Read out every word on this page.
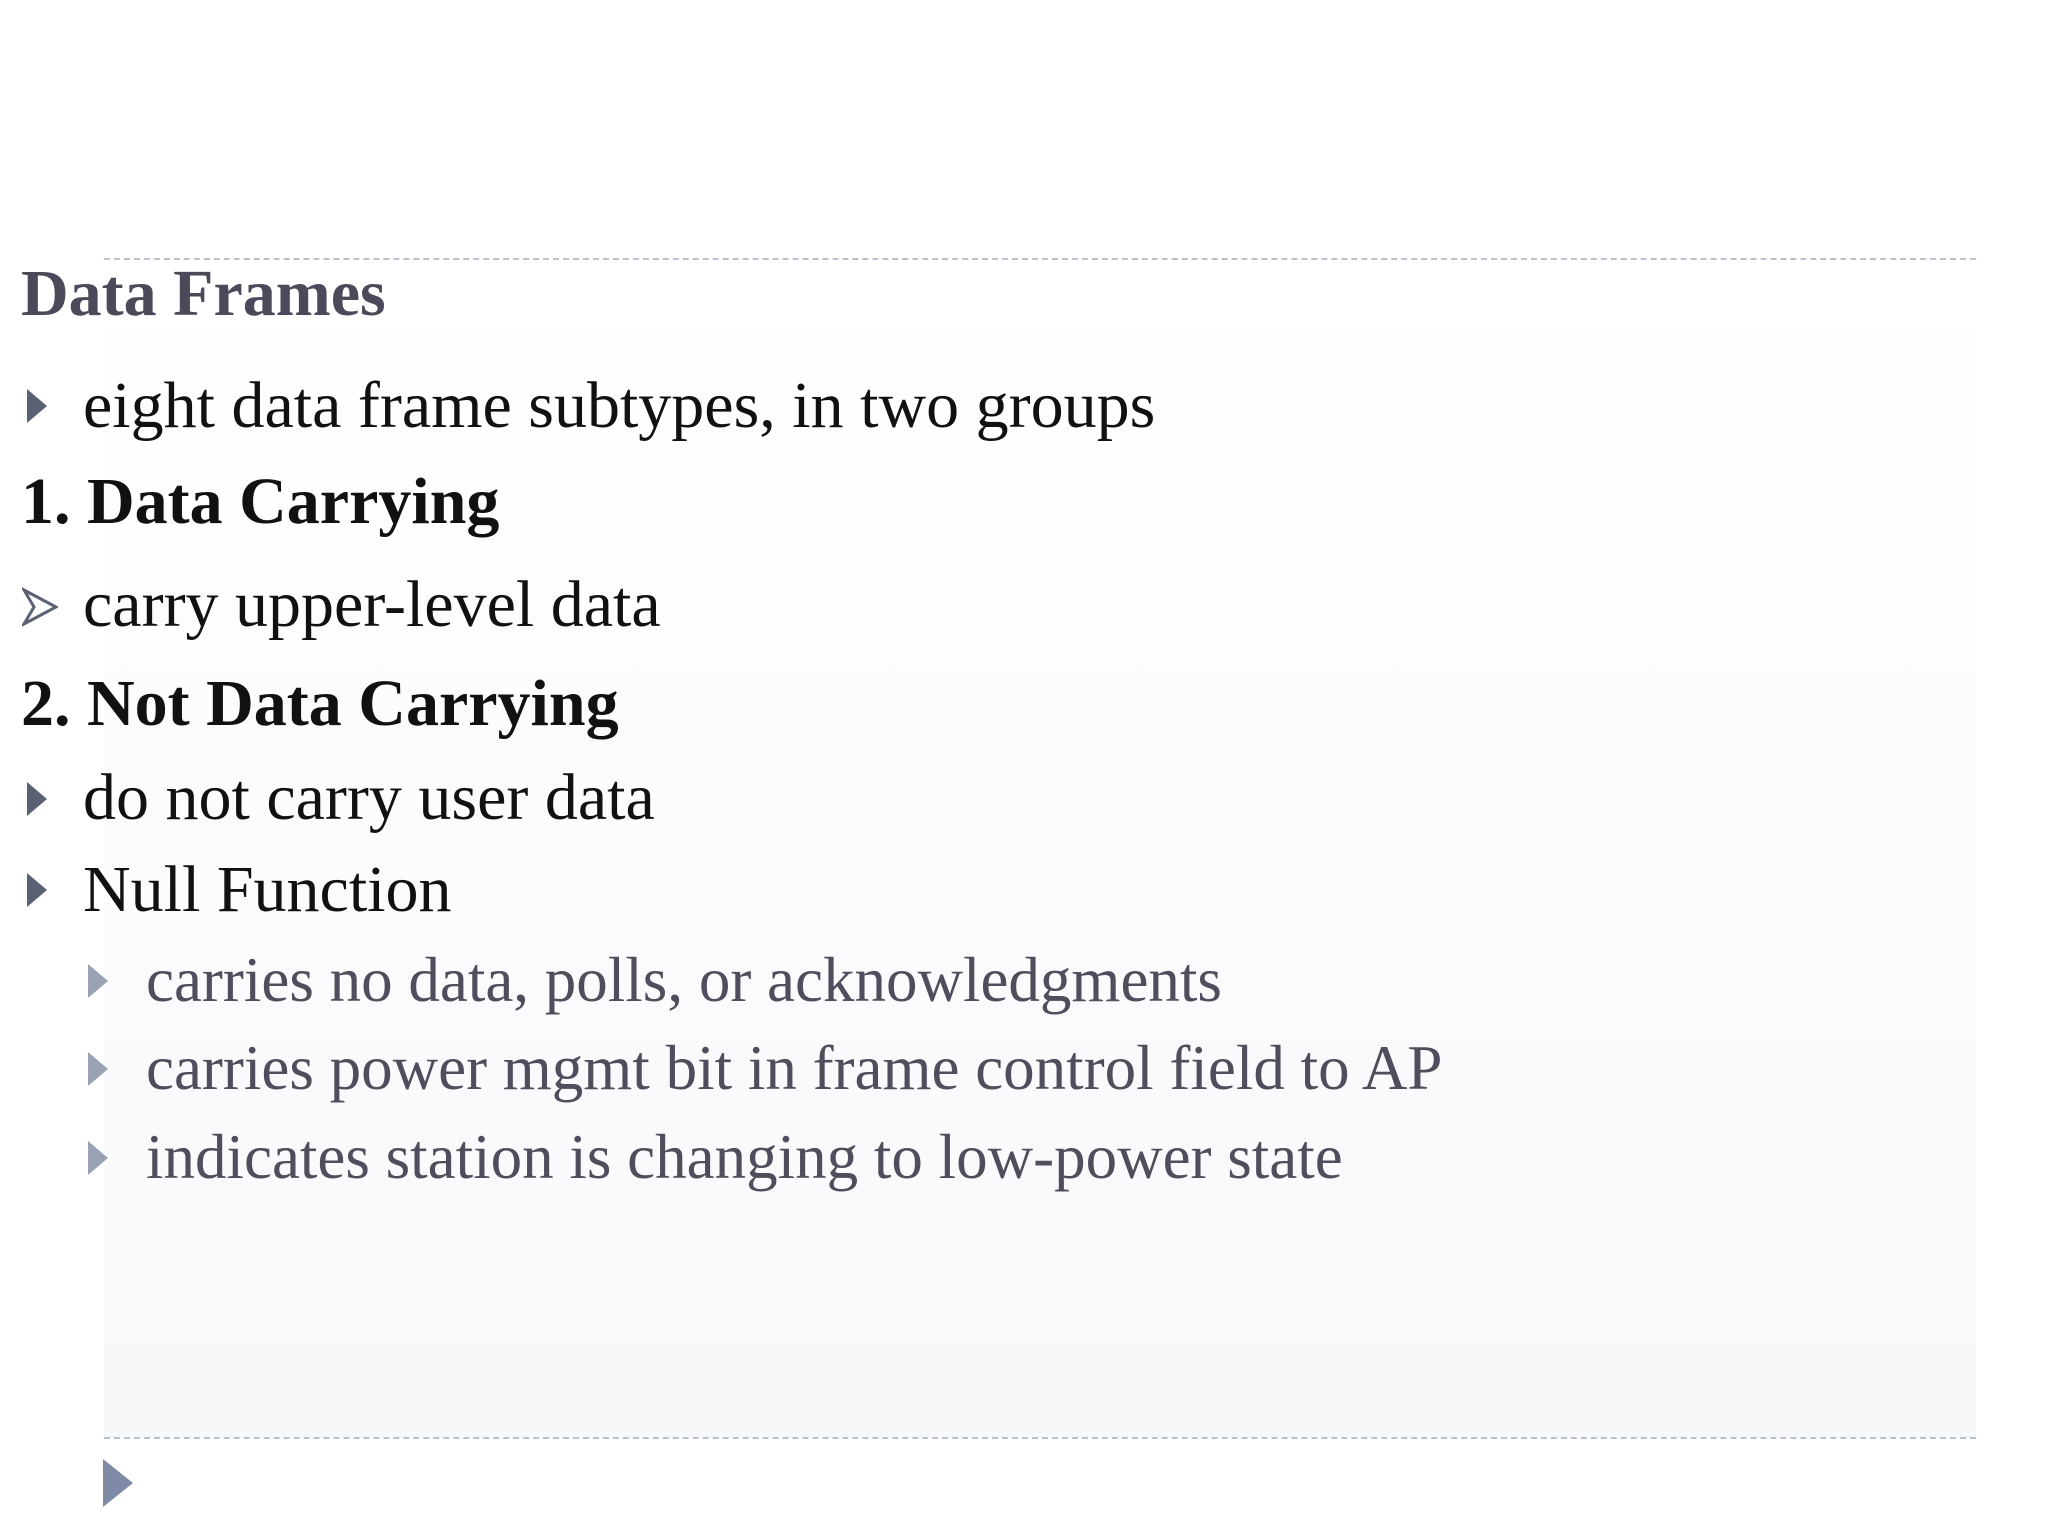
Data Frames
eight data frame subtypes, in two groups
1. Data Carrying
carry upper-level data
2. Not Data Carrying
do not carry user data
Null Function
carries no data, polls, or acknowledgments
carries power mgmt bit in frame control field to AP
indicates station is changing to low-power state
